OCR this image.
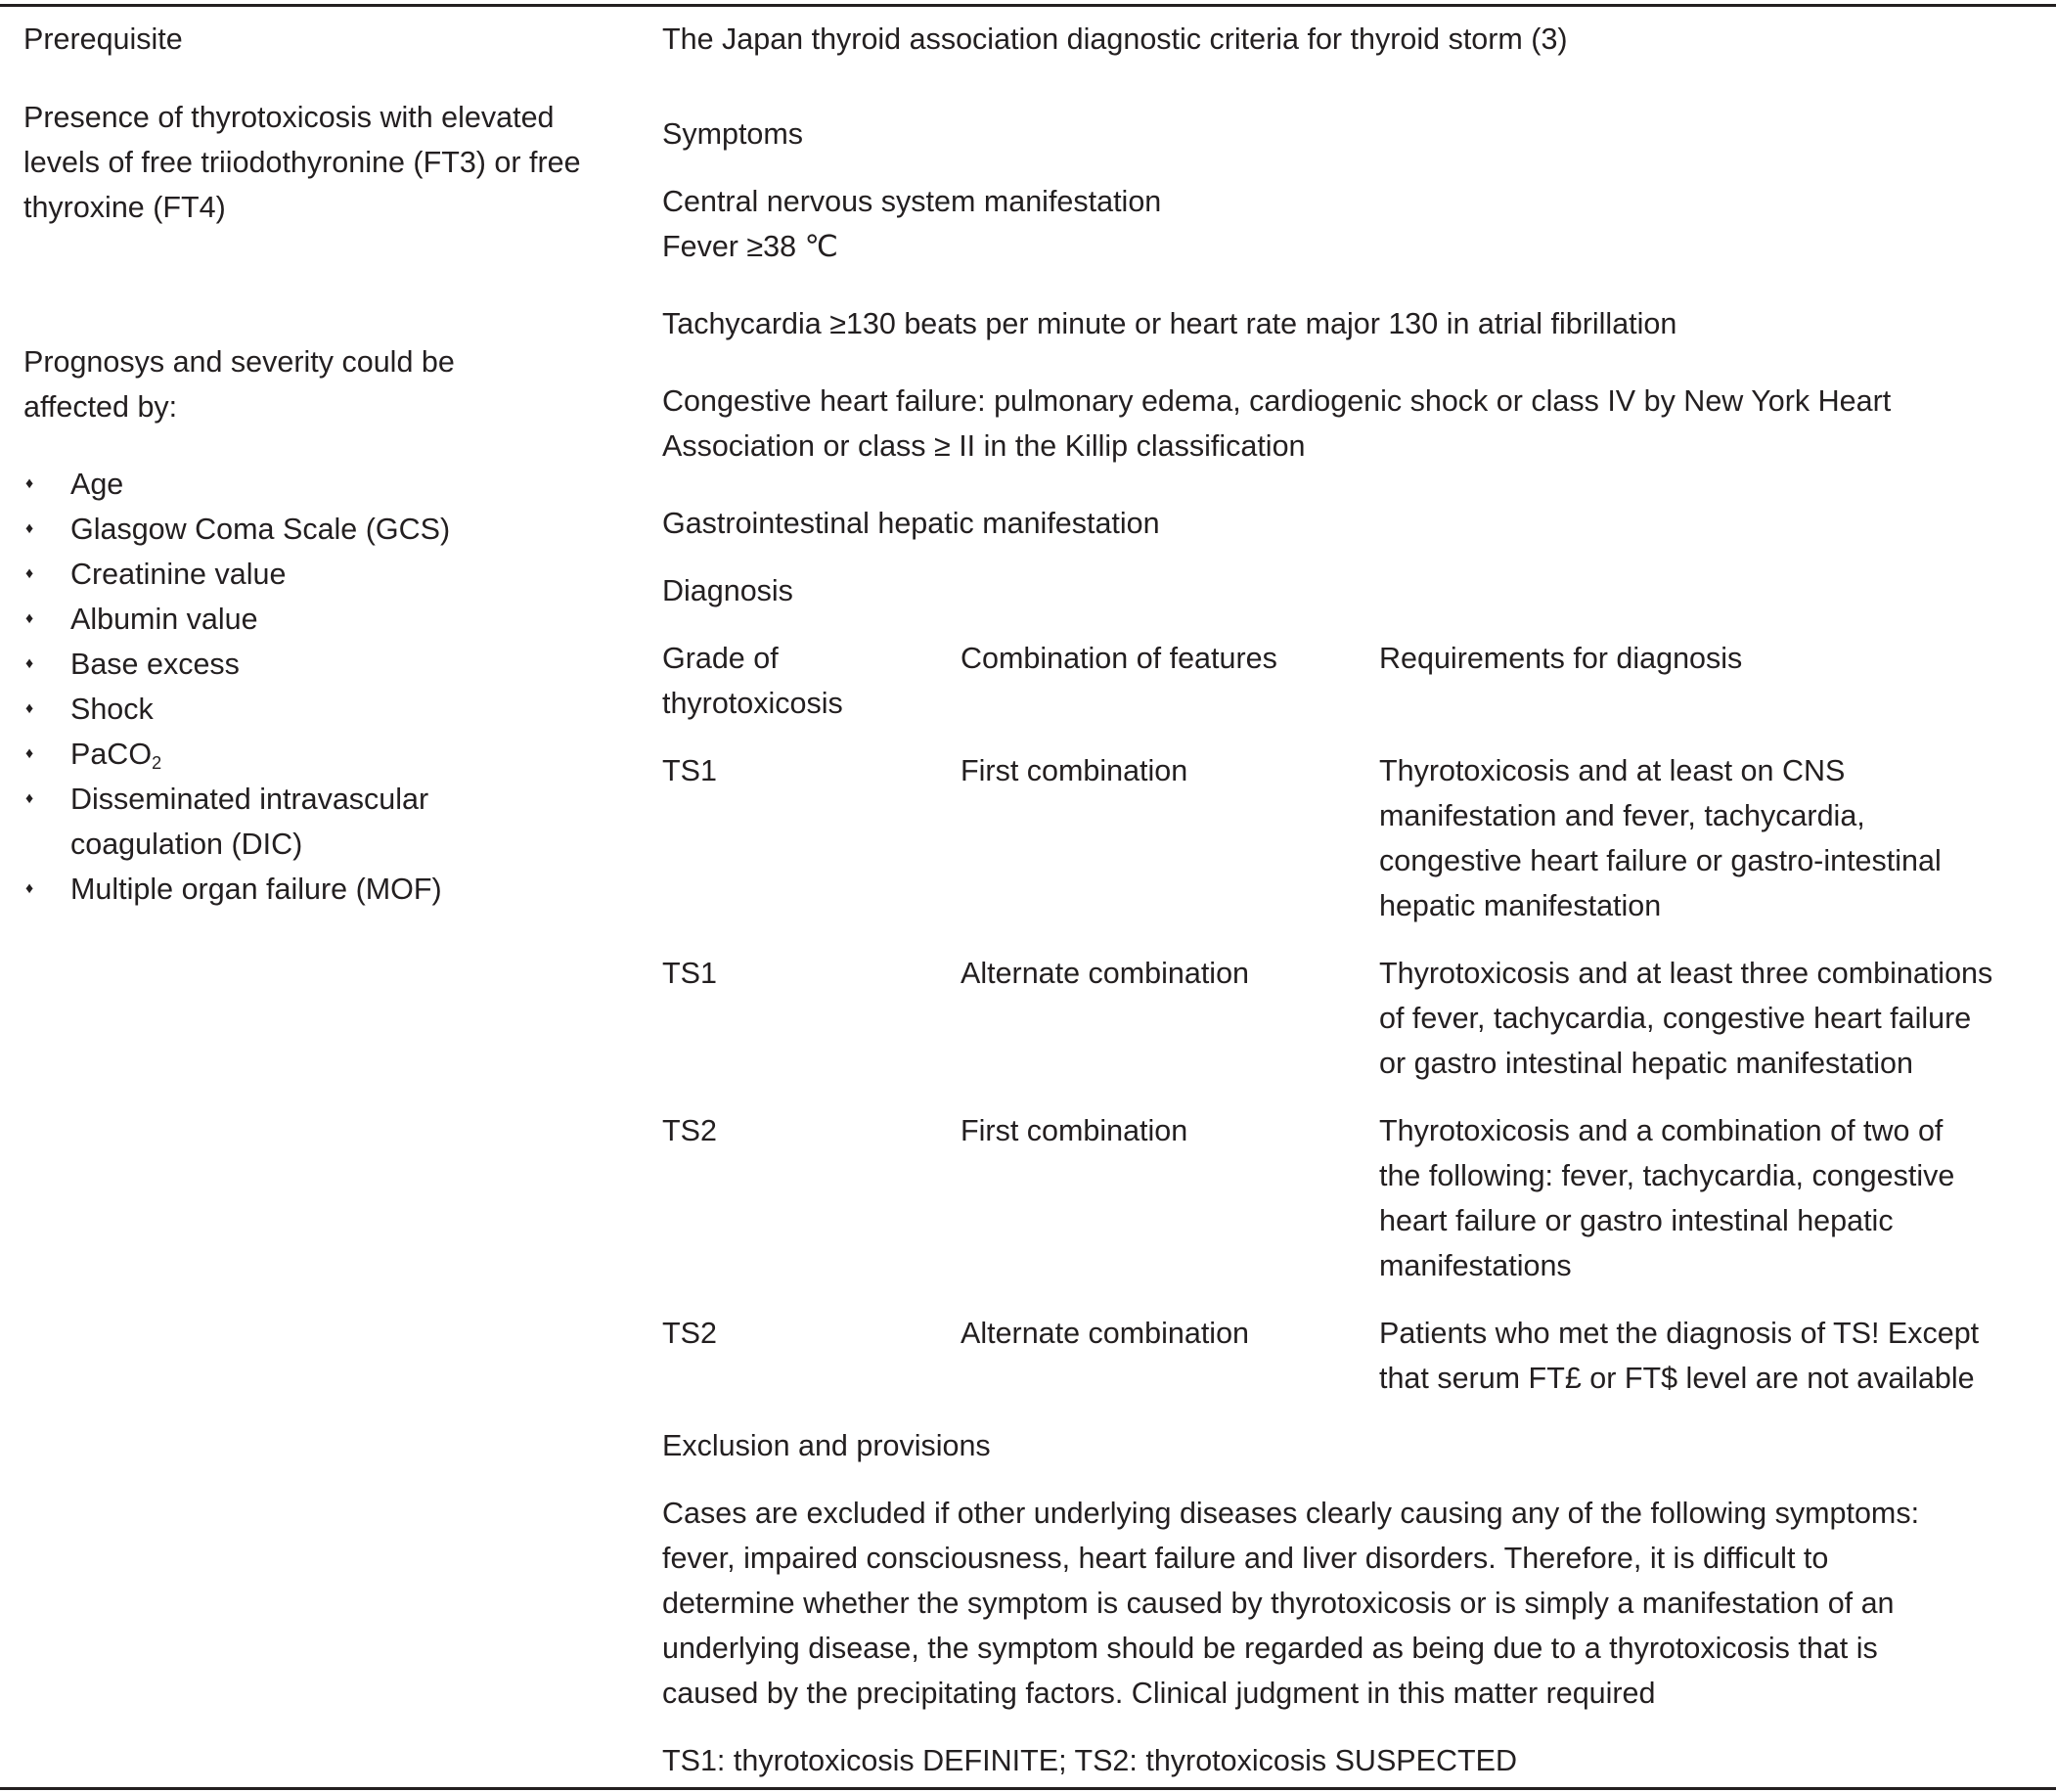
Prerequisite
Presence of thyrotoxicosis with elevated
levels of free triiodothyronine (FT3) or free
thyroxine (FT4)
Prognosys and severity could be
affected by:
♦ Age
♦ Glasgow Coma Scale (GCS)
♦ Creatinine value
♦ Albumin value
♦ Base excess
♦ Shock
♦ PaCO$_2$
♦ Disseminated intravascular
coagulation (DIC)
♦ Multiple organ failure (MOF)
The Japan thyroid association diagnostic criteria for thyroid storm (3)
Symptoms
Central nervous system manifestation
Fever ≥38 ℃
Tachycardia ≥130 beats per minute or heart rate major 130 in atrial fibrillation
Congestive heart failure: pulmonary edema, cardiogenic shock or class IV by New York Heart
Association or class ≥ II in the Killip classification
Gastrointestinal hepatic manifestation
Diagnosis
Grade of
thyrotoxicosis
Combination of features	Requirements for diagnosis
TS1	First combination	Thyrotoxicosis and at least on CNS
manifestation and fever, tachycardia,
congestive heart failure or gastro-intestinal
hepatic manifestation
TS1	Alternate combination	Thyrotoxicosis and at least three combinations
of fever, tachycardia, congestive heart failure
or gastro intestinal hepatic manifestation
TS2	First combination	Thyrotoxicosis and a combination of two of
the following: fever, tachycardia, congestive
heart failure or gastro intestinal hepatic
manifestations
TS2	Alternate combination	Patients who met the diagnosis of TS! Except
that serum FT£ or FT$ level are not available
Exclusion and provisions
Cases are excluded if other underlying diseases clearly causing any of the following symptoms:
fever, impaired consciousness, heart failure and liver disorders. Therefore, it is difficult to
determine whether the symptom is caused by thyrotoxicosis or is simply a manifestation of an
underlying disease, the symptom should be regarded as being due to a thyrotoxicosis that is
caused by the precipitating factors. Clinical judgment in this matter required
TS1: thyrotoxicosis DEFINITE; TS2: thyrotoxicosis SUSPECTED
